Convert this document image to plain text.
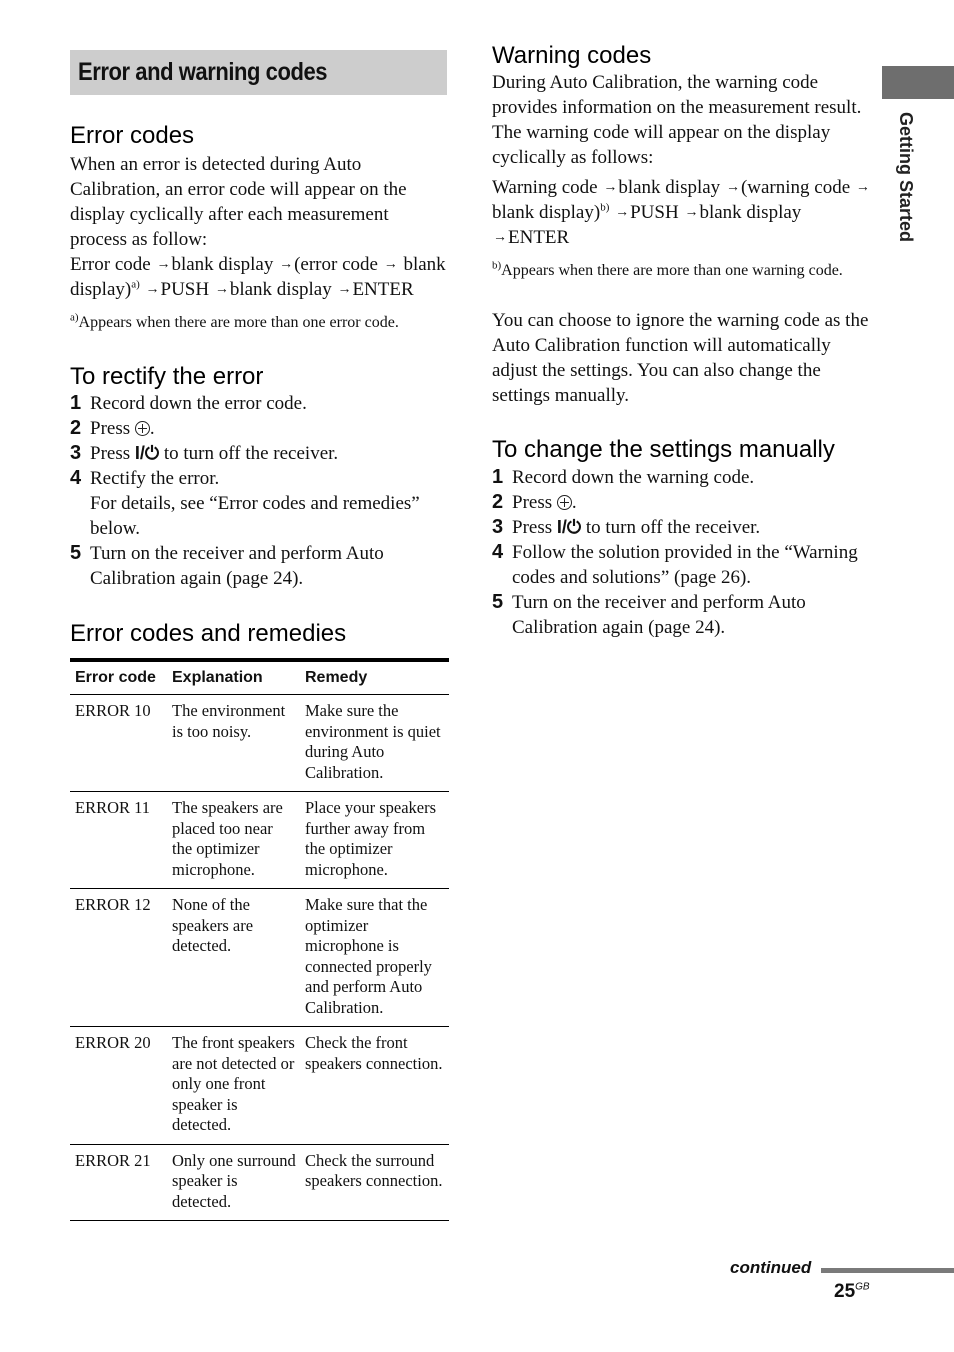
Getting Started
Error and warning codes
Error codes

When an error is detected during Auto Calibration, an error code will appear on the display cyclically after each measurement process as follow:

Error code →blank display →(error code → blank display)$^{a)}$ →PUSH →blank display →ENTER

$^{a)}$Appears when there are more than one error code.

To rectify the error
1 Record down the error code.
2 Press .
3 Press I/⏻ to turn off the receiver.
4 Rectify the error.
For details, see “Error codes and remedies” below.
5 Turn on the receiver and perform Auto Calibration again (page 24).
Error codes and remedies
Error code	Explanation	Remedy
ERROR 10	The environment is too noisy.	Make sure the environment is quiet during Auto Calibration.
ERROR 11	The speakers are placed too near the optimizer microphone.	Place your speakers further away from the optimizer microphone.
ERROR 12	None of the speakers are detected.	Make sure that the optimizer microphone is connected properly and perform Auto Calibration.
ERROR 20	The front speakers are not detected or only one front speaker is detected.	Check the front speakers connection.
ERROR 21	Only one surround speaker is detected.	Check the surround speakers connection.
Warning codes

During Auto Calibration, the warning code provides information on the measurement result. The warning code will appear on the display cyclically as follows:

Warning code →blank display →(warning code → blank display)$^{b)}$ →PUSH →blank display →ENTER

$^{b)}$Appears when there are more than one warning code.

You can choose to ignore the warning code as the Auto Calibration function will automatically adjust the settings. You can also change the settings manually.

To change the settings manually
1 Record down the warning code.
2 Press .
3 Press I/⏻ to turn off the receiver.
4 Follow the solution provided in the “Warning codes and solutions” (page 26).
5 Turn on the receiver and perform Auto Calibration again (page 24).
continued
$25^{GB}$
